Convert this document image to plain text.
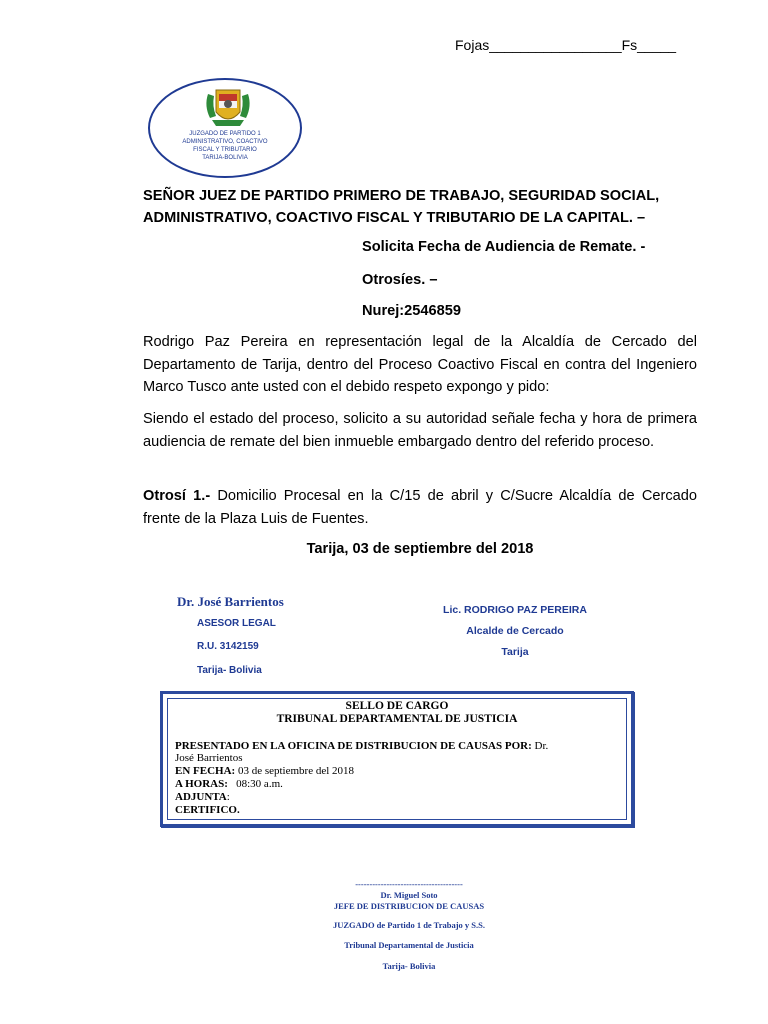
Fojas_________________Fs_____
JUZGADO DE PARTIDO 1
ADMINISTRATIVO, COACTIVO
FISCAL Y TRIBUTARIO
TARIJA-BOLIVIA
SEÑOR JUEZ DE PARTIDO PRIMERO DE TRABAJO, SEGURIDAD SOCIAL,
ADMINISTRATIVO, COACTIVO FISCAL Y TRIBUTARIO DE LA CAPITAL. –
Solicita Fecha de Audiencia de Remate. -
Otrosíes. –
Nurej:2546859
Rodrigo Paz Pereira en representación legal de la Alcaldía de Cercado del Departamento de Tarija, dentro del Proceso Coactivo Fiscal en contra del Ingeniero Marco Tusco ante usted con el debido respeto expongo y pido:
Siendo el estado del proceso, solicito a su autoridad señale fecha y hora de primera audiencia de remate del bien inmueble embargado dentro del referido proceso.
Otrosí 1.- Domicilio Procesal en la C/15 de abril y C/Sucre Alcaldía de Cercado frente de la Plaza Luis de Fuentes.
Tarija, 03 de septiembre del 2018
Dr. José Barrientos
ASESOR LEGAL
R.U. 3142159
Tarija- Bolivia
Lic. RODRIGO PAZ PEREIRA
Alcalde de Cercado
Tarija
SELLO DE CARGO
TRIBUNAL DEPARTAMENTAL DE JUSTICIA
PRESENTADO EN LA OFICINA DE DISTRIBUCION DE CAUSAS POR: Dr.
José Barrientos
EN FECHA: 03 de septiembre del 2018
A HORAS:   08:30 a.m.
ADJUNTA:
CERTIFICO.
--------------------------------------
Dr. Miguel Soto
JEFE DE DISTRIBUCION DE CAUSAS
JUZGADO de Partido 1 de Trabajo y S.S.
Tribunal Departamental de Justicia
Tarija- Bolivia
